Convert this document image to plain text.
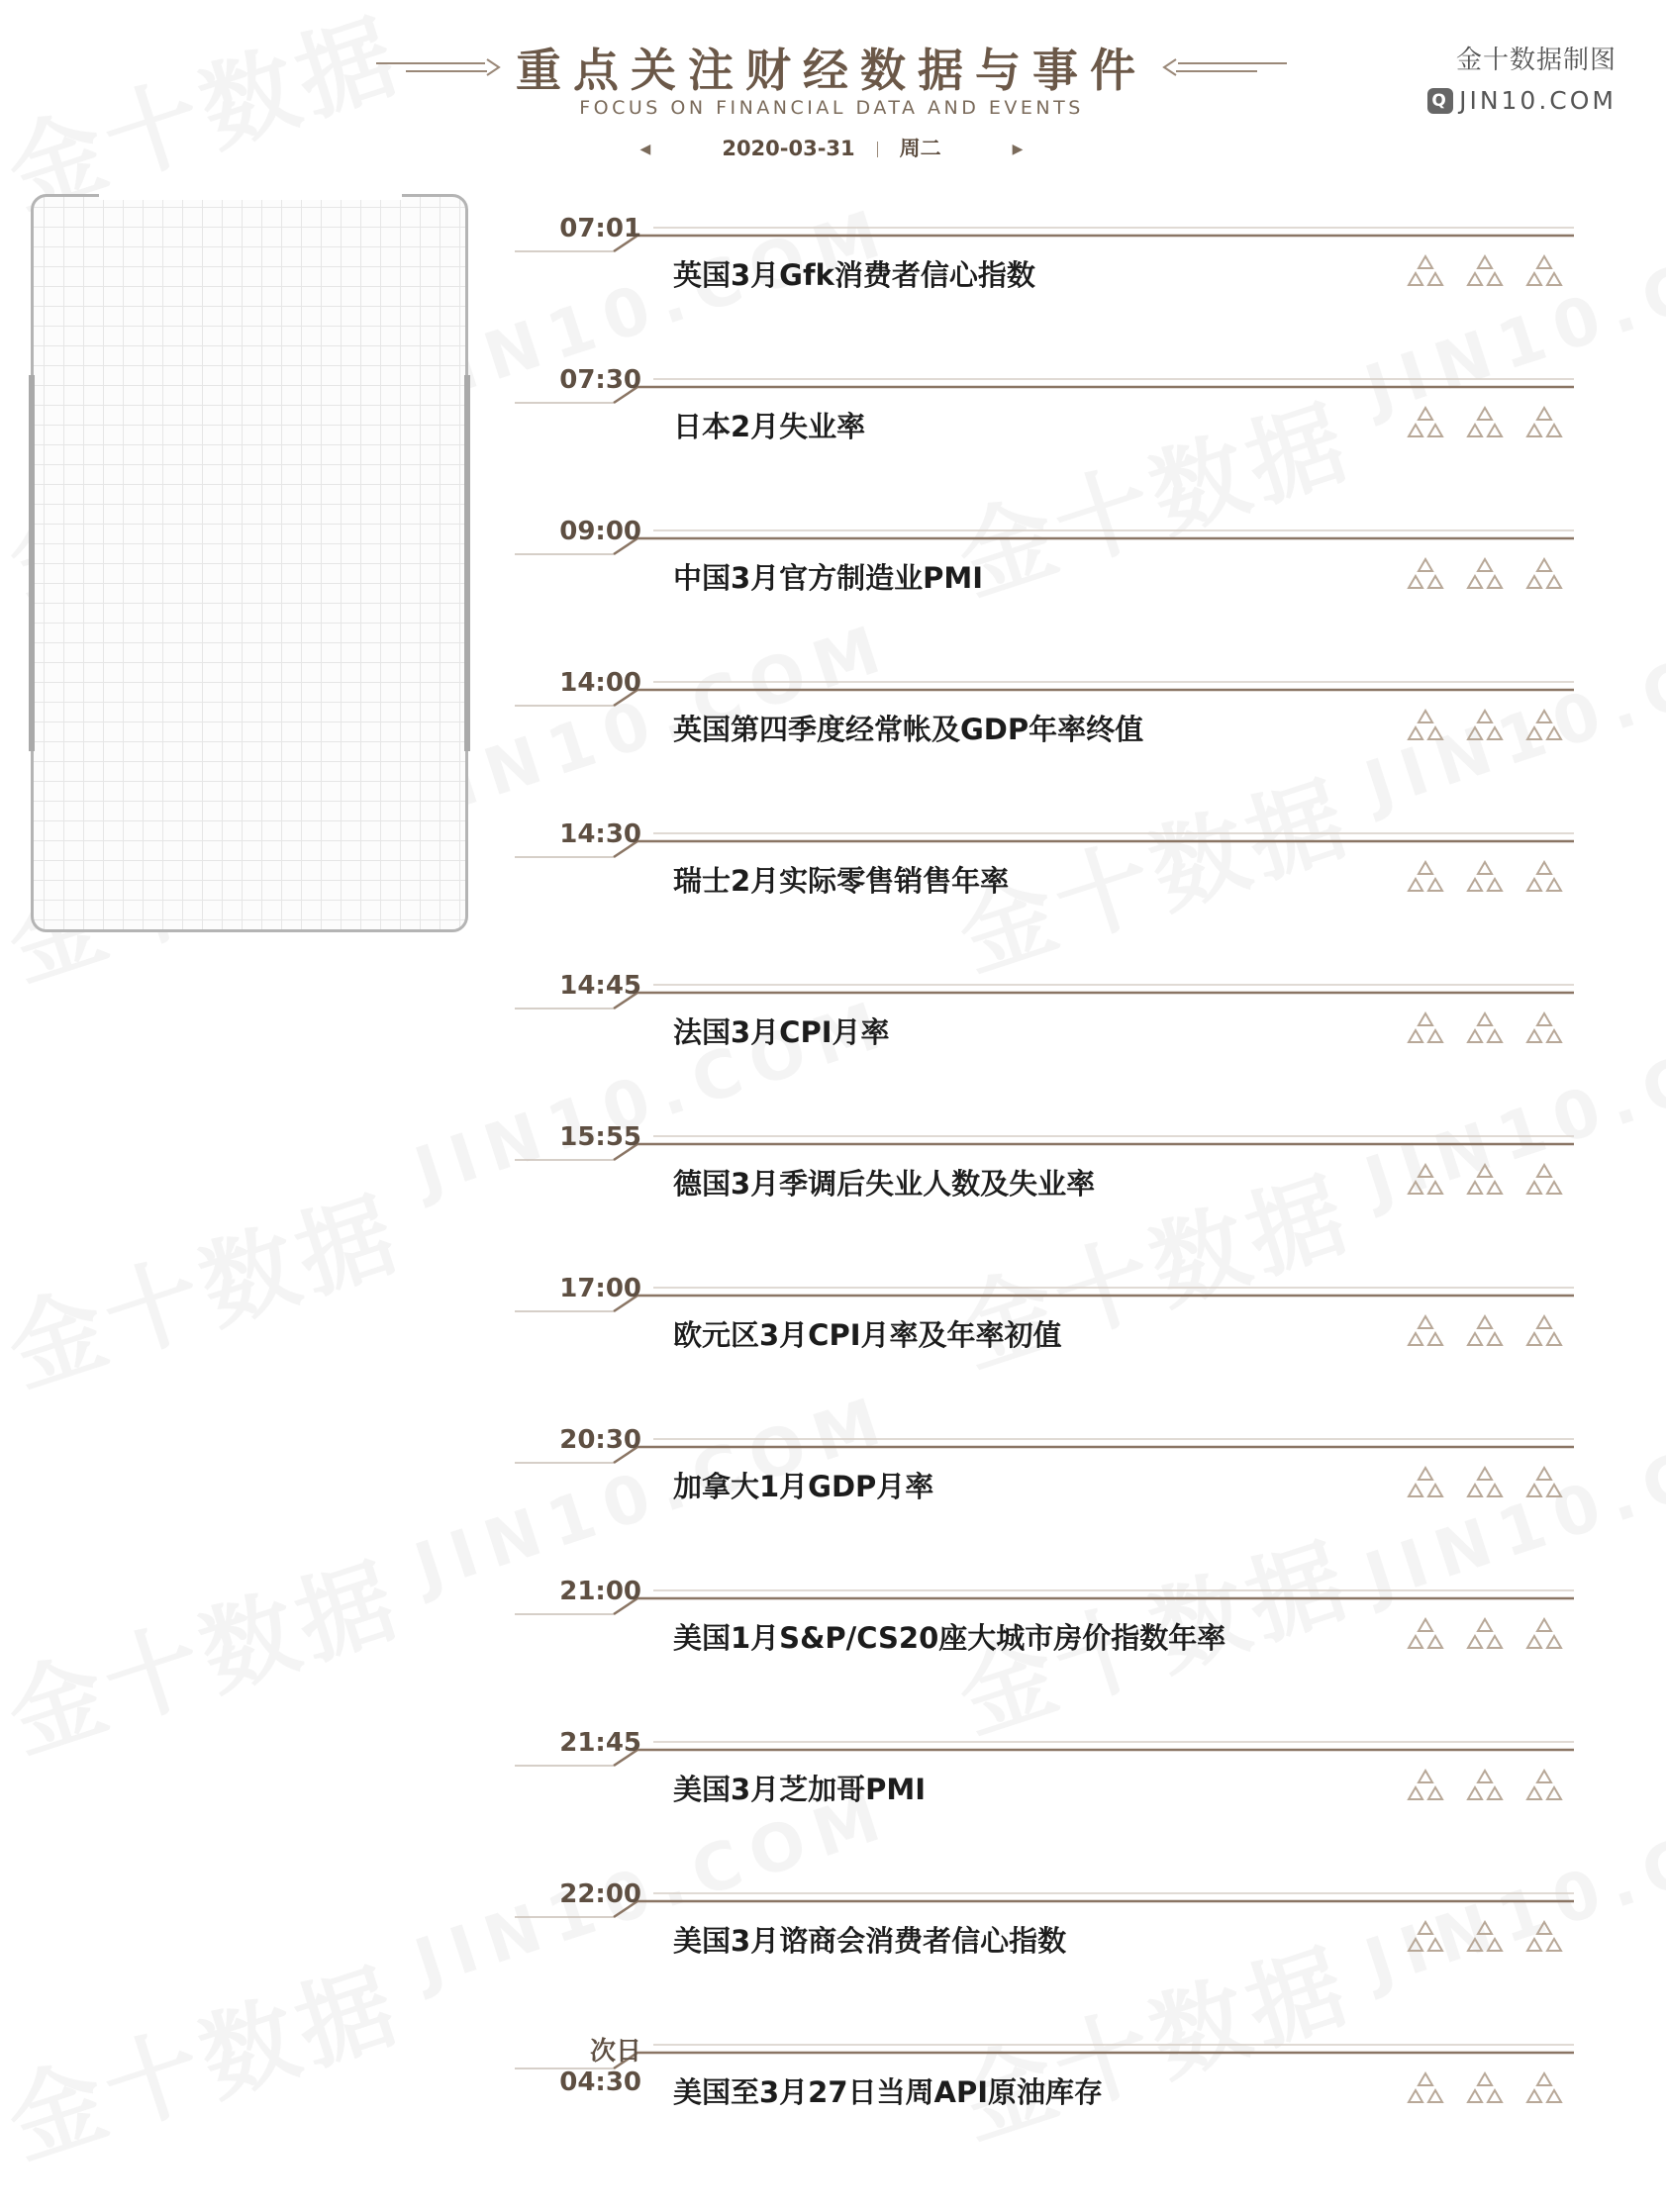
重点关注财经数据与事件
FOCUS ON FINANCIAL DATA AND EVENTS
◀	2020-03-31 周二	▶
金十数据制图
Q JIN10.COM
07:01
英国3月Gfk消费者信心指数
07:30
日本2月失业率
09:00
中国3月官方制造业PMI
14:00
英国第四季度经常帐及GDP年率终值
14:30
瑞士2月实际零售销售年率
14:45
法国3月CPI月率
15:55
德国3月季调后失业人数及失业率
17:00
欧元区3月CPI月率及年率初值
20:30
加拿大1月GDP月率
21:00
美国1月S&P/CS20座大城市房价指数年率
21:45
美国3月芝加哥PMI
22:00
美国3月谘商会消费者信心指数
次日04:30 美国至3月27日当周API原油库存
